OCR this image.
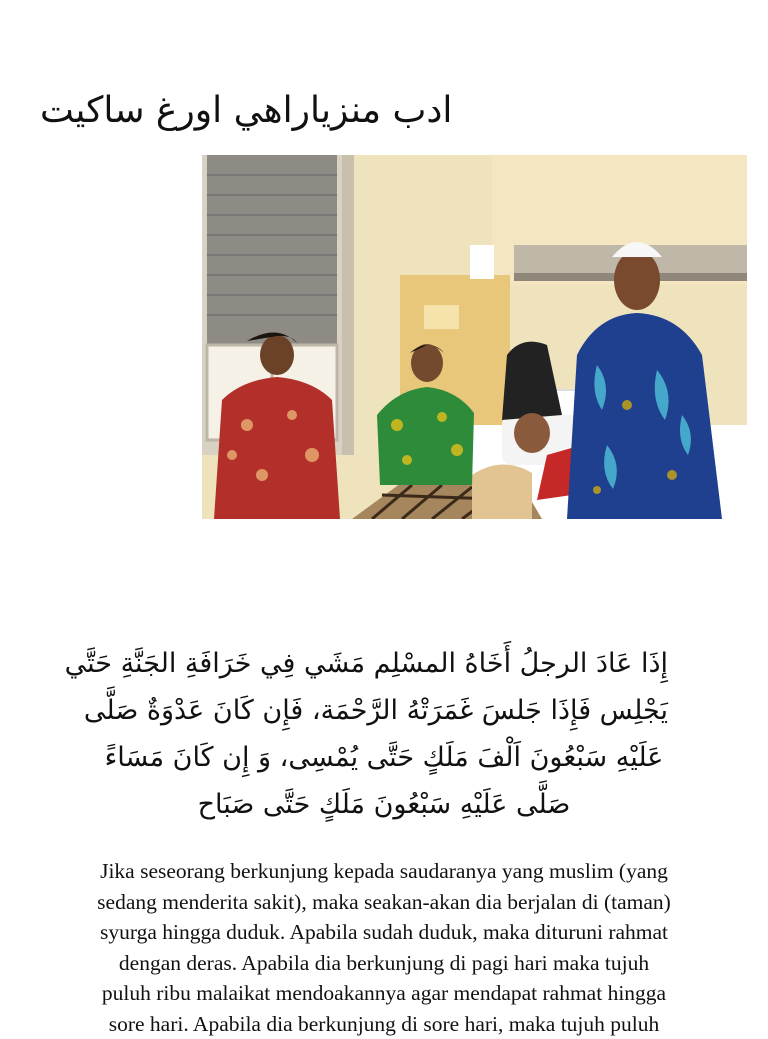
ادب منزياراهي اورغ ساكيت
إِذَا عَادَ الرجلُ أَخَاهُ المسْلِم مَشَي فِي خَرَافَةِ الجَنَّةِ حَتَّي
يَجْلِس فَإِذَا جَلسَ غَمَرَتْهُ الرَّحْمَة، فَإِن كَانَ عَدْوَةٌ صَلَّى
عَلَيْهِ سَبْعُونَ اَلْفَ مَلَكٍ حَتَّى يُمْسِى، وَ إِن كَانَ مَسَاءً
صَلَّى عَلَيْهِ سَبْعُونَ مَلَكٍ حَتَّى صَبَاح
Jika seseorang berkunjung kepada saudaranya yang muslim (yang
sedang menderita sakit), maka seakan-akan dia berjalan di (taman)
syurga hingga duduk. Apabila sudah duduk, maka dituruni rahmat
dengan deras. Apabila dia berkunjung di pagi hari maka tujuh
puluh ribu malaikat mendoakannya agar mendapat rahmat hingga
sore hari. Apabila dia berkunjung di sore hari, maka tujuh puluh
